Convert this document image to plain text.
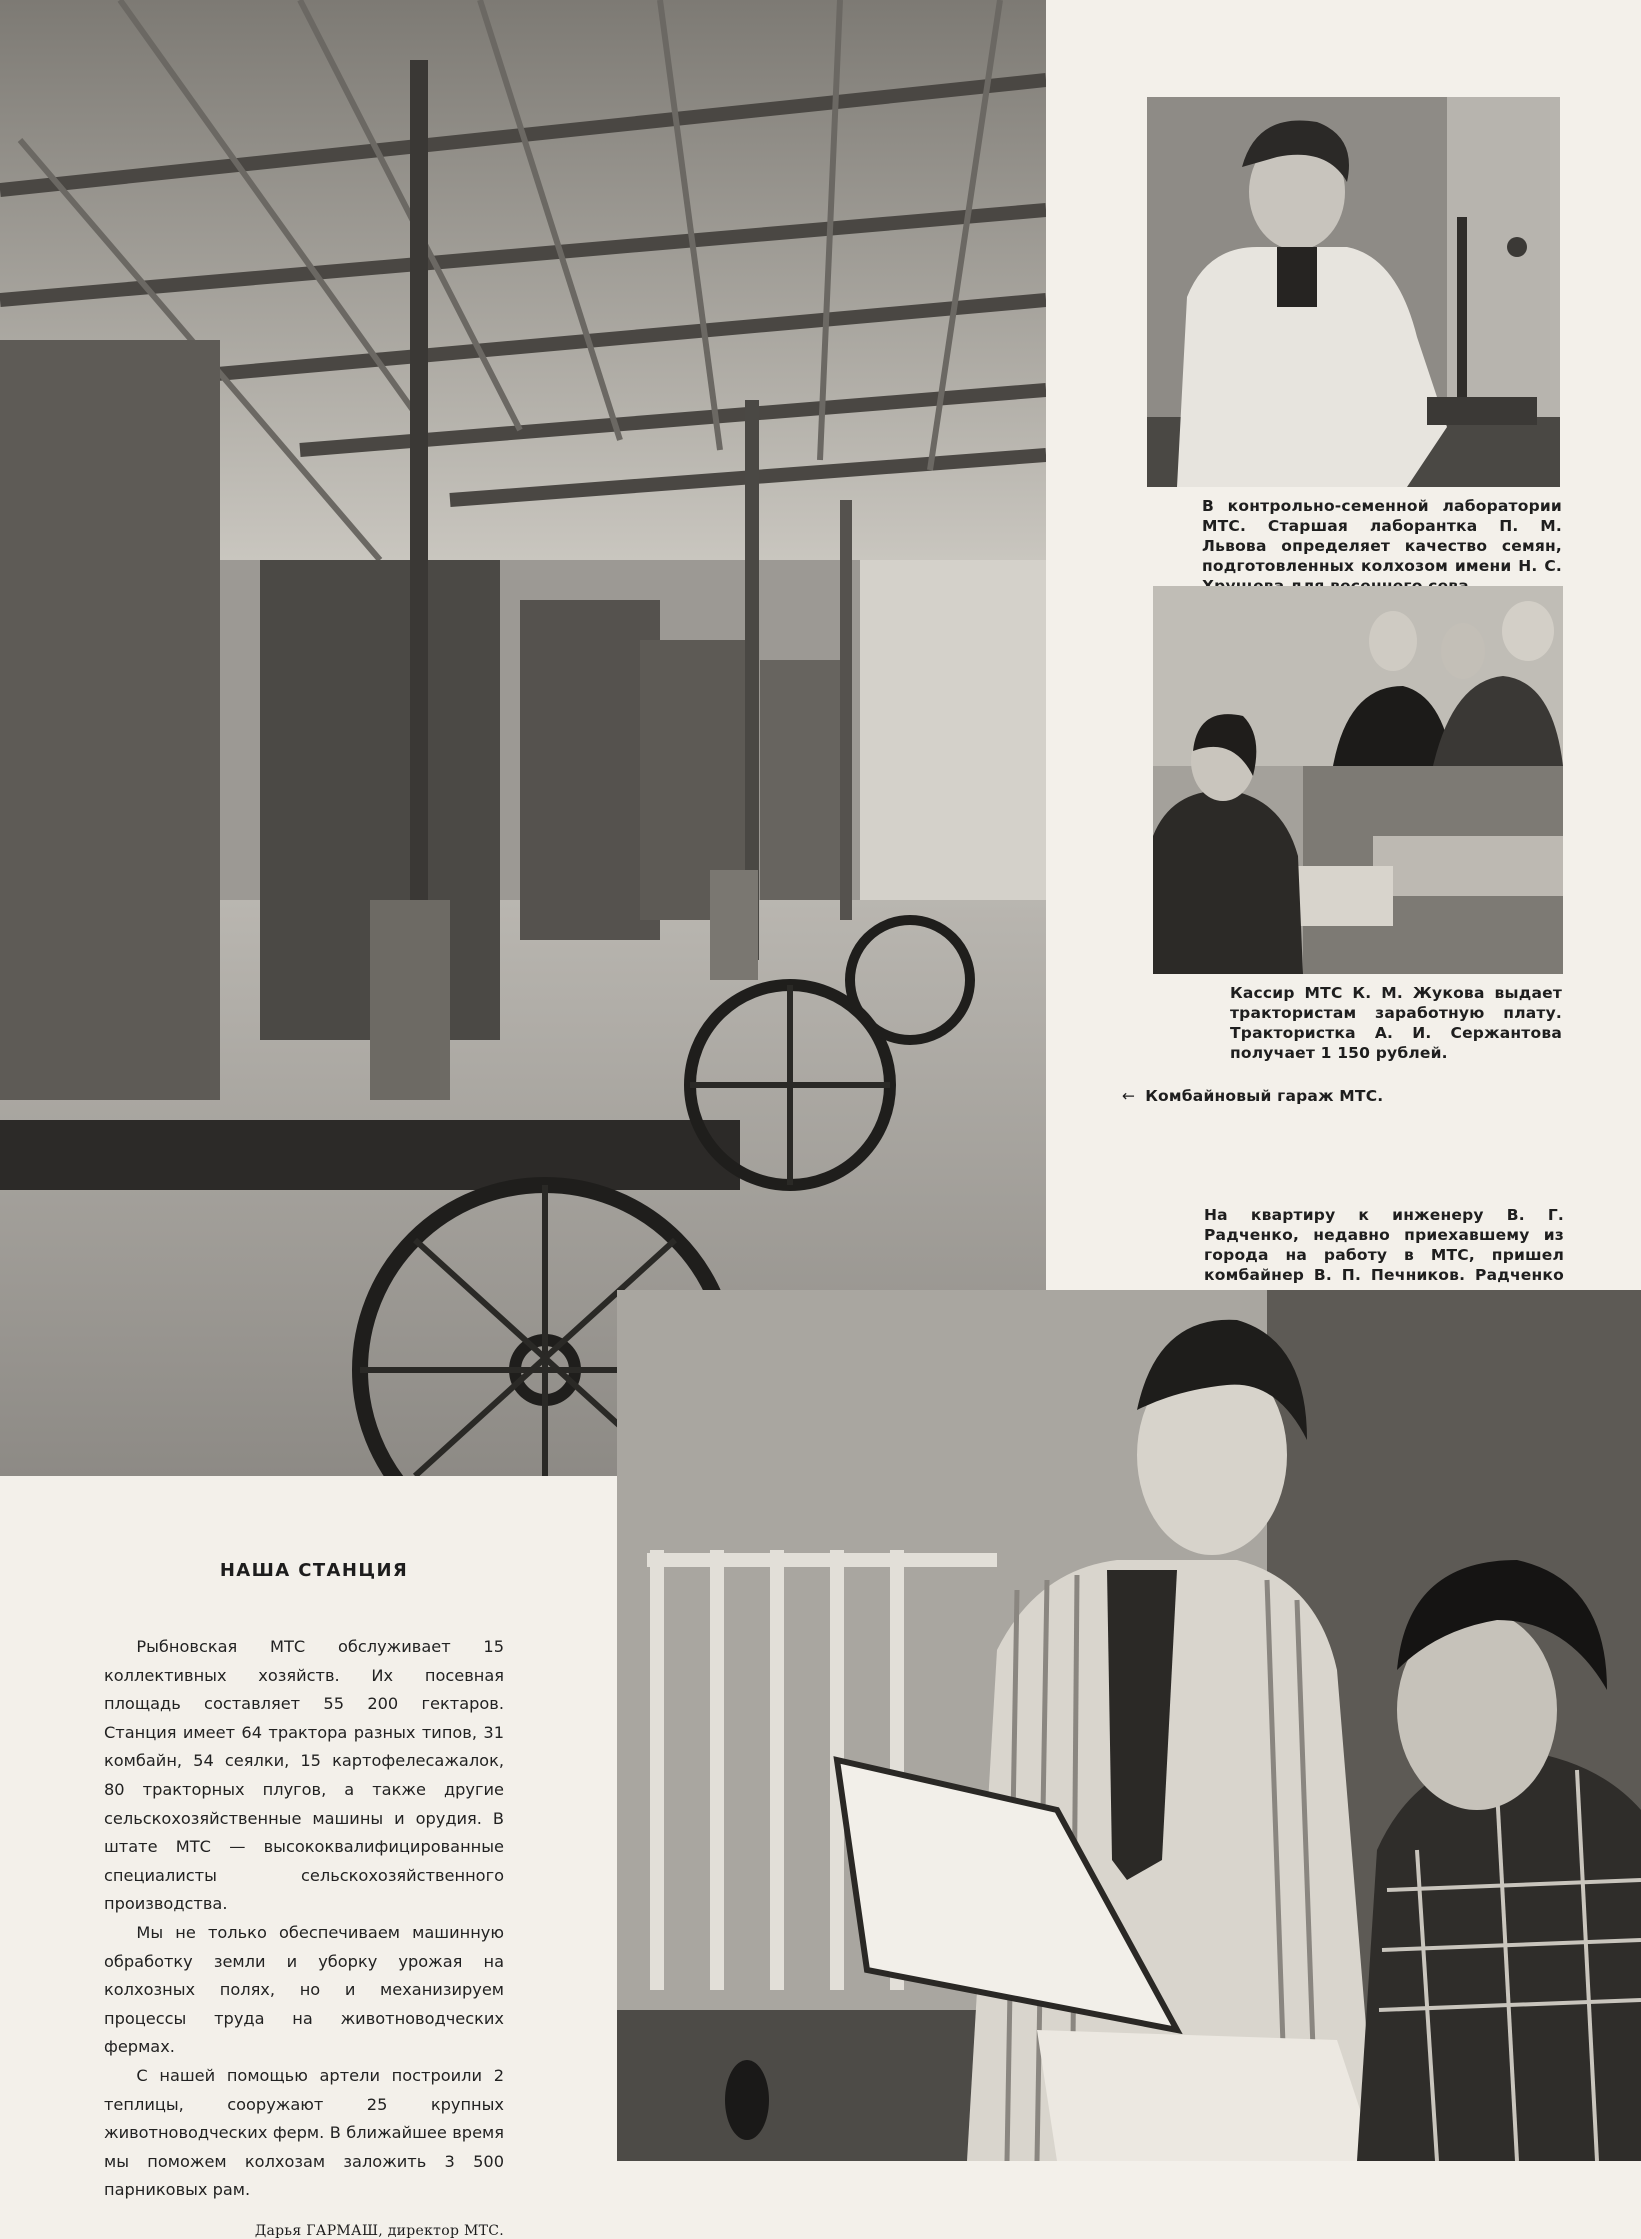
В контрольно-семенной лаборатории МТС. Старшая лаборантка П. М. Львова определяет качество семян, подготовленных колхозом имени Н. С.
Кассир МТС К. М. Жукова выдает трактористам заработную плату. Трактористка А. И. Сержантова получает 1 150 рублей.
← Комбайновый гараж МТС.
На квартиру к инженеру В. Г. Радченко, недавно приехавшему из города на работу в МТС, пришел комбайнер В. П. Печников. Радченко
НАША СТАНЦИЯ

Рыбновская МТС обслуживает 15 коллективных хозяйств. Их посевная площадь составляет 55 200 гектаров. Станция имеет 64 трактора разных типов, 31 комбайн, 54 сеялки, 15 картофелесажалок, 80 тракторных плугов, а также другие сельскохозяйственные машины и орудия. В штате МТС — высококвалифицированные специалисты сельскохозяйственного производства.

Мы не только обеспечиваем машинную обработку земли и уборку урожая на колхозных полях, но и механизируем процессы труда на животноводческих фермах.

С нашей помощью артели построили 2 теплицы, сооружают 25 крупных животноводческих ферм. В ближайшее время мы поможем колхозам заложить 3 500 парниковых рам.

Дарья ГАРМАШ, директор МТС.
